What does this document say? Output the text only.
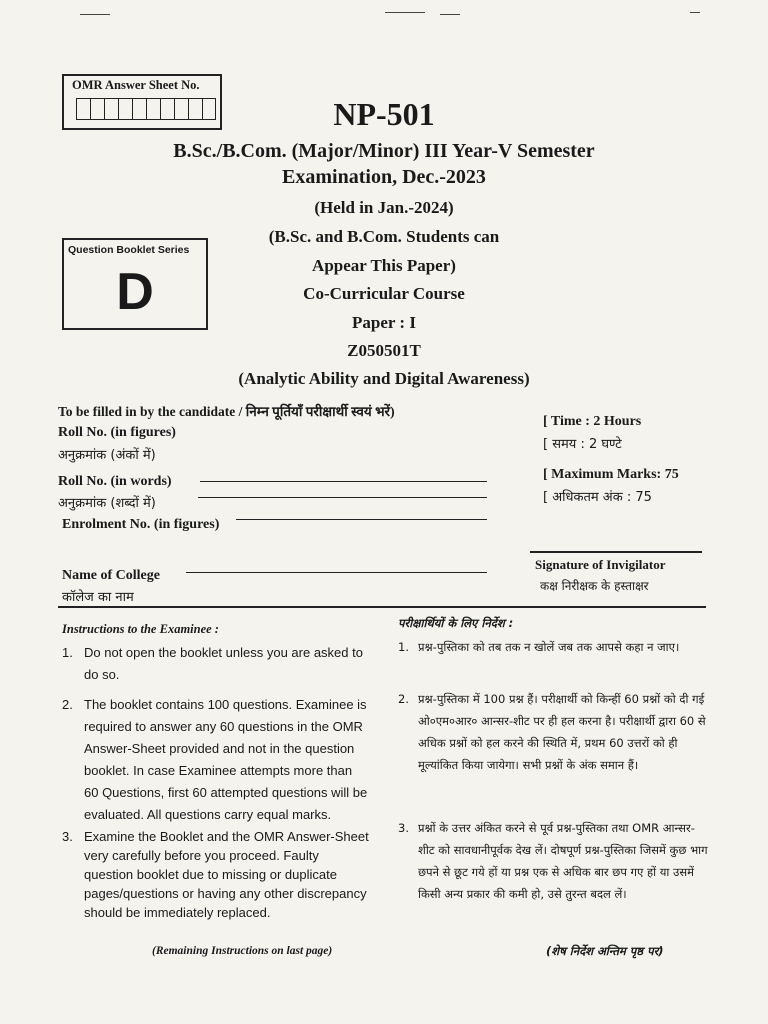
OMR Answer Sheet No.
NP-501
B.Sc./B.Com. (Major/Minor) III Year-V Semester
Examination, Dec.-2023
(Held in Jan.-2024)
(B.Sc. and B.Com. Students can
Appear This Paper)
Co-Curricular Course
Paper : I
Z050501T
(Analytic Ability and Digital Awareness)
Question Booklet Series
D
To be filled in by the candidate / निम्न पूर्तियाँ परीक्षार्थी स्वयं भरें)
Roll No. (in figures)
अनुक्रमांक (अंकों में)
Roll No. (in words)
अनुक्रमांक (शब्दों में)
Enrolment No. (in figures)
Name of College
कॉलेज का नाम
[ Time : 2 Hours
[ समय : 2 घण्टे
[ Maximum Marks: 75
[ अधिकतम अंक : 75
Signature of Invigilator
कक्ष निरीक्षक के हस्ताक्षर
Instructions to the Examinee :
1. Do not open the booklet unless you are asked to do so.
2. The booklet contains 100 questions. Examinee is required to answer any 60 questions in the OMR Answer-Sheet provided and not in the question booklet. In case Examinee attempts more than 60 Questions, first 60 attempted questions will be evaluated. All questions carry equal marks.
3. Examine the Booklet and the OMR Answer-Sheet very carefully before you proceed. Faulty question booklet due to missing or duplicate pages/questions or having any other discrepancy should be immediately replaced.
(Remaining Instructions on last page)
परीक्षार्थियों के लिए निर्देश :
1. प्रश्न-पुस्तिका को तब तक न खोलें जब तक आपसे कहा न जाए।
2. प्रश्न-पुस्तिका में 100 प्रश्न हैं। परीक्षार्थी को किन्हीं 60 प्रश्नों को दी गई ओ०एम०आर० आन्सर-शीट पर ही हल करना है। परीक्षार्थी द्वारा 60 से अधिक प्रश्नों को हल करने की स्थिति में, प्रथम 60 उत्तरों को ही मूल्यांकित किया जायेगा। सभी प्रश्नों के अंक समान हैं।
3. प्रश्नों के उत्तर अंकित करने से पूर्व प्रश्न-पुस्तिका तथा OMR आन्सर-शीट को सावधानीपूर्वक देख लें। दोषपूर्ण प्रश्न-पुस्तिका जिसमें कुछ भाग छपने से छूट गये हों या प्रश्न एक से अधिक बार छप गए हों या उसमें किसी अन्य प्रकार की कमी हो, उसे तुरन्त बदल लें।
(शेष निर्देश अन्तिम पृष्ठ पर)
